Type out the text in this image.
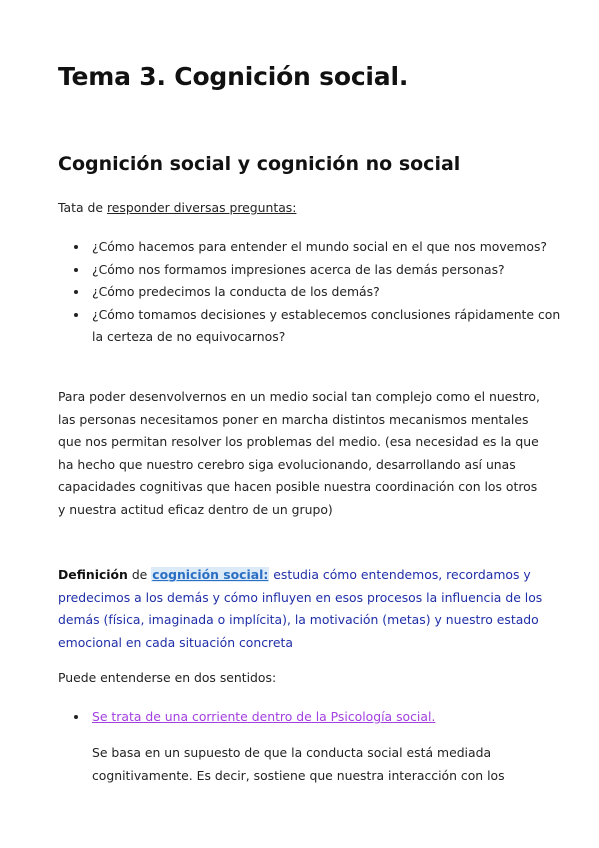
Tema 3. Cognición social.
Cognición social y cognición no social

Tata de responder diversas preguntas:

¿Cómo hacemos para entender el mundo social en el que nos movemos?
¿Cómo nos formamos impresiones acerca de las demás personas?
¿Cómo predecimos la conducta de los demás?
¿Cómo tomamos decisiones y establecemos conclusiones rápidamente con la certeza de no equivocarnos?

Para poder desenvolvernos en un medio social tan complejo como el nuestro, las personas necesitamos poner en marcha distintos mecanismos mentales que nos permitan resolver los problemas del medio. (esa necesidad es la que ha hecho que nuestro cerebro siga evolucionando, desarrollando así unas capacidades cognitivas que hacen posible nuestra coordinación con los otros y nuestra actitud eficaz dentro de un grupo)

Definición de cognición social: estudia cómo entendemos, recordamos y predecimos a los demás y cómo influyen en esos procesos la influencia de los demás (física, imaginada o implícita), la motivación (metas) y nuestro estado emocional en cada situación concreta

Puede entenderse en dos sentidos:

Se trata de una corriente dentro de la Psicología social.

Se basa en un supuesto de que la conducta social está mediada cognitivamente. Es decir, sostiene que nuestra interacción con los
